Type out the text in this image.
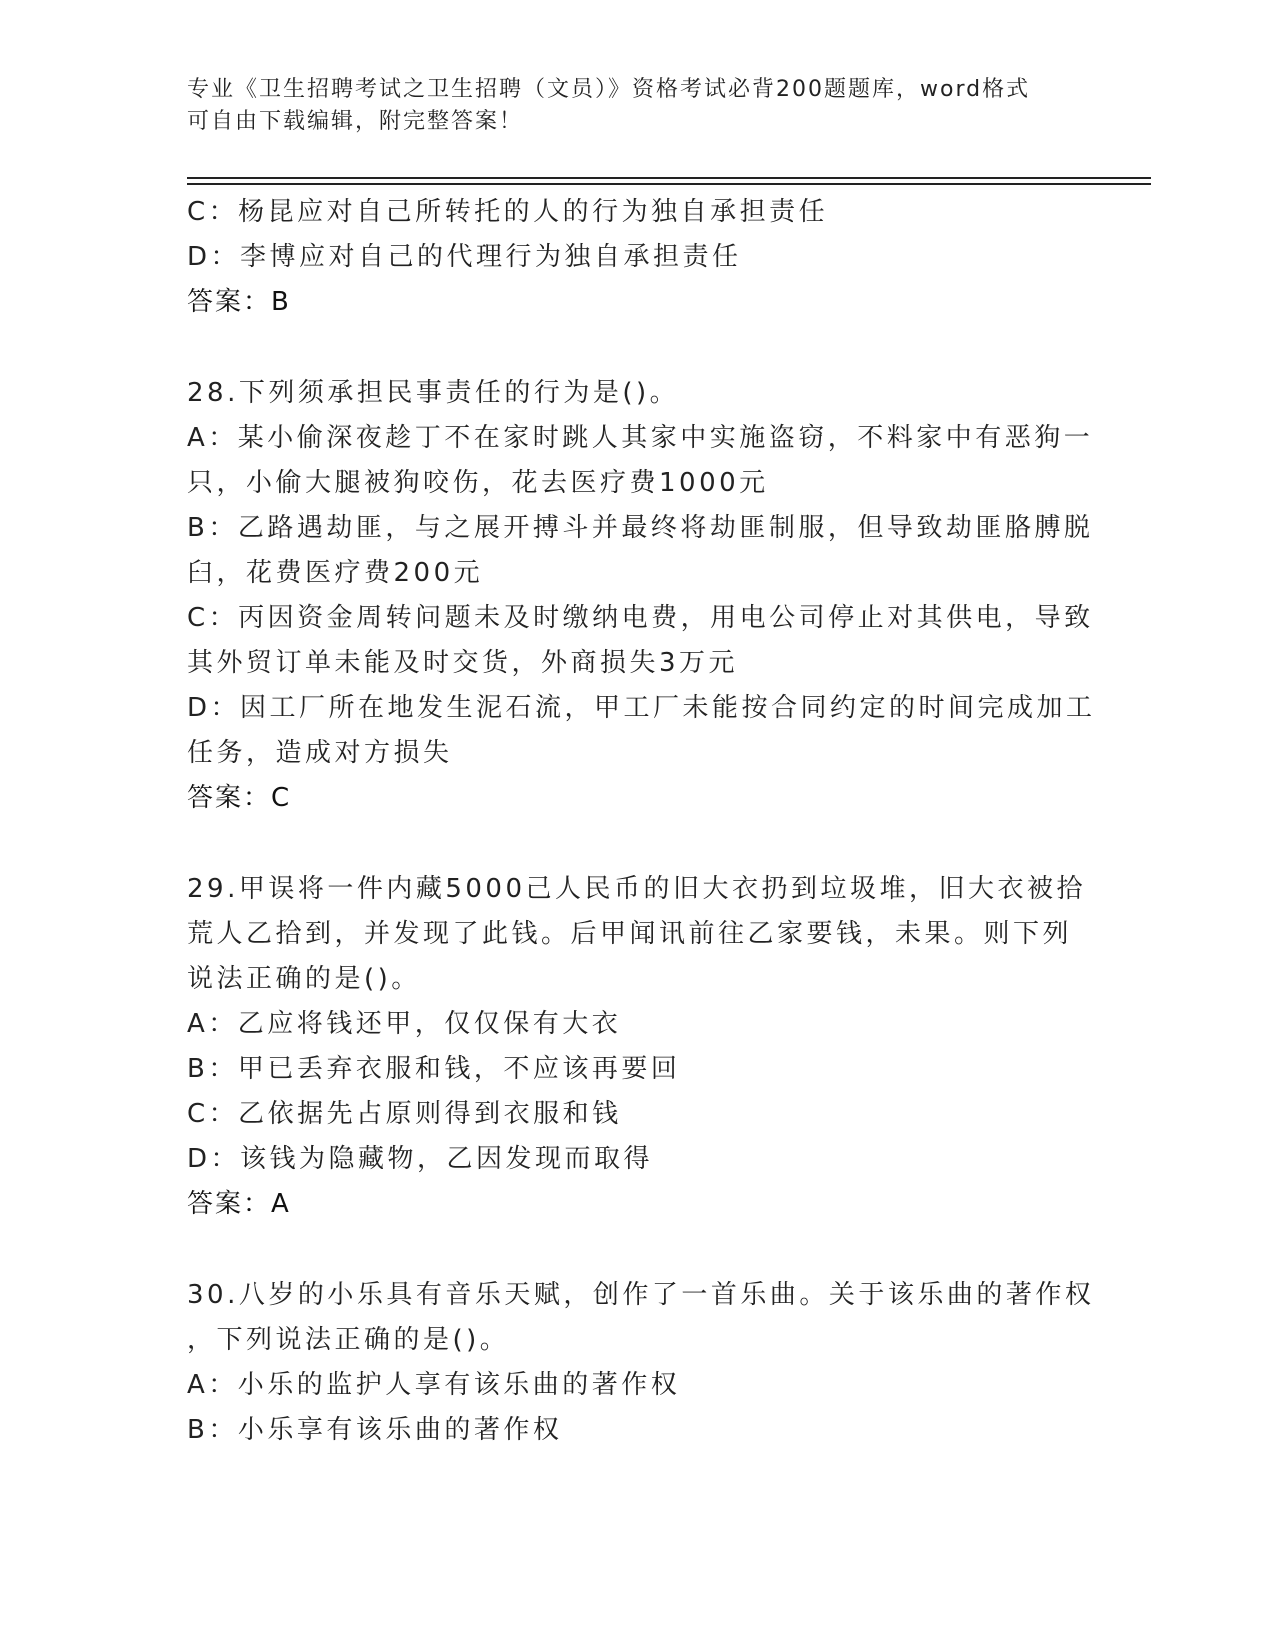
专业《卫生招聘考试之卫生招聘（文员）》资格考试必背200题题库，word格式
可自由下载编辑，附完整答案！
C：杨昆应对自己所转托的人的行为独自承担责任
D：李博应对自己的代理行为独自承担责任
答案：B
28.下列须承担民事责任的行为是()。
A：某小偷深夜趁丁不在家时跳人其家中实施盗窃，不料家中有恶狗一
只，小偷大腿被狗咬伤，花去医疗费1000元
B：乙路遇劫匪，与之展开搏斗并最终将劫匪制服，但导致劫匪胳膊脱
臼，花费医疗费200元
C：丙因资金周转问题未及时缴纳电费，用电公司停止对其供电，导致
其外贸订单未能及时交货，外商损失3万元
D：因工厂所在地发生泥石流，甲工厂未能按合同约定的时间完成加工
任务，造成对方损失
答案：C
29.甲误将一件内藏5000己人民币的旧大衣扔到垃圾堆，旧大衣被拾
荒人乙拾到，并发现了此钱。后甲闻讯前往乙家要钱，未果。则下列
说法正确的是()。
A：乙应将钱还甲，仅仅保有大衣
B：甲已丢弃衣服和钱，不应该再要回
C：乙依据先占原则得到衣服和钱
D：该钱为隐藏物，乙因发现而取得
答案：A
30.八岁的小乐具有音乐天赋，创作了一首乐曲。关于该乐曲的著作权
，下列说法正确的是()。
A：小乐的监护人享有该乐曲的著作权
B：小乐享有该乐曲的著作权
